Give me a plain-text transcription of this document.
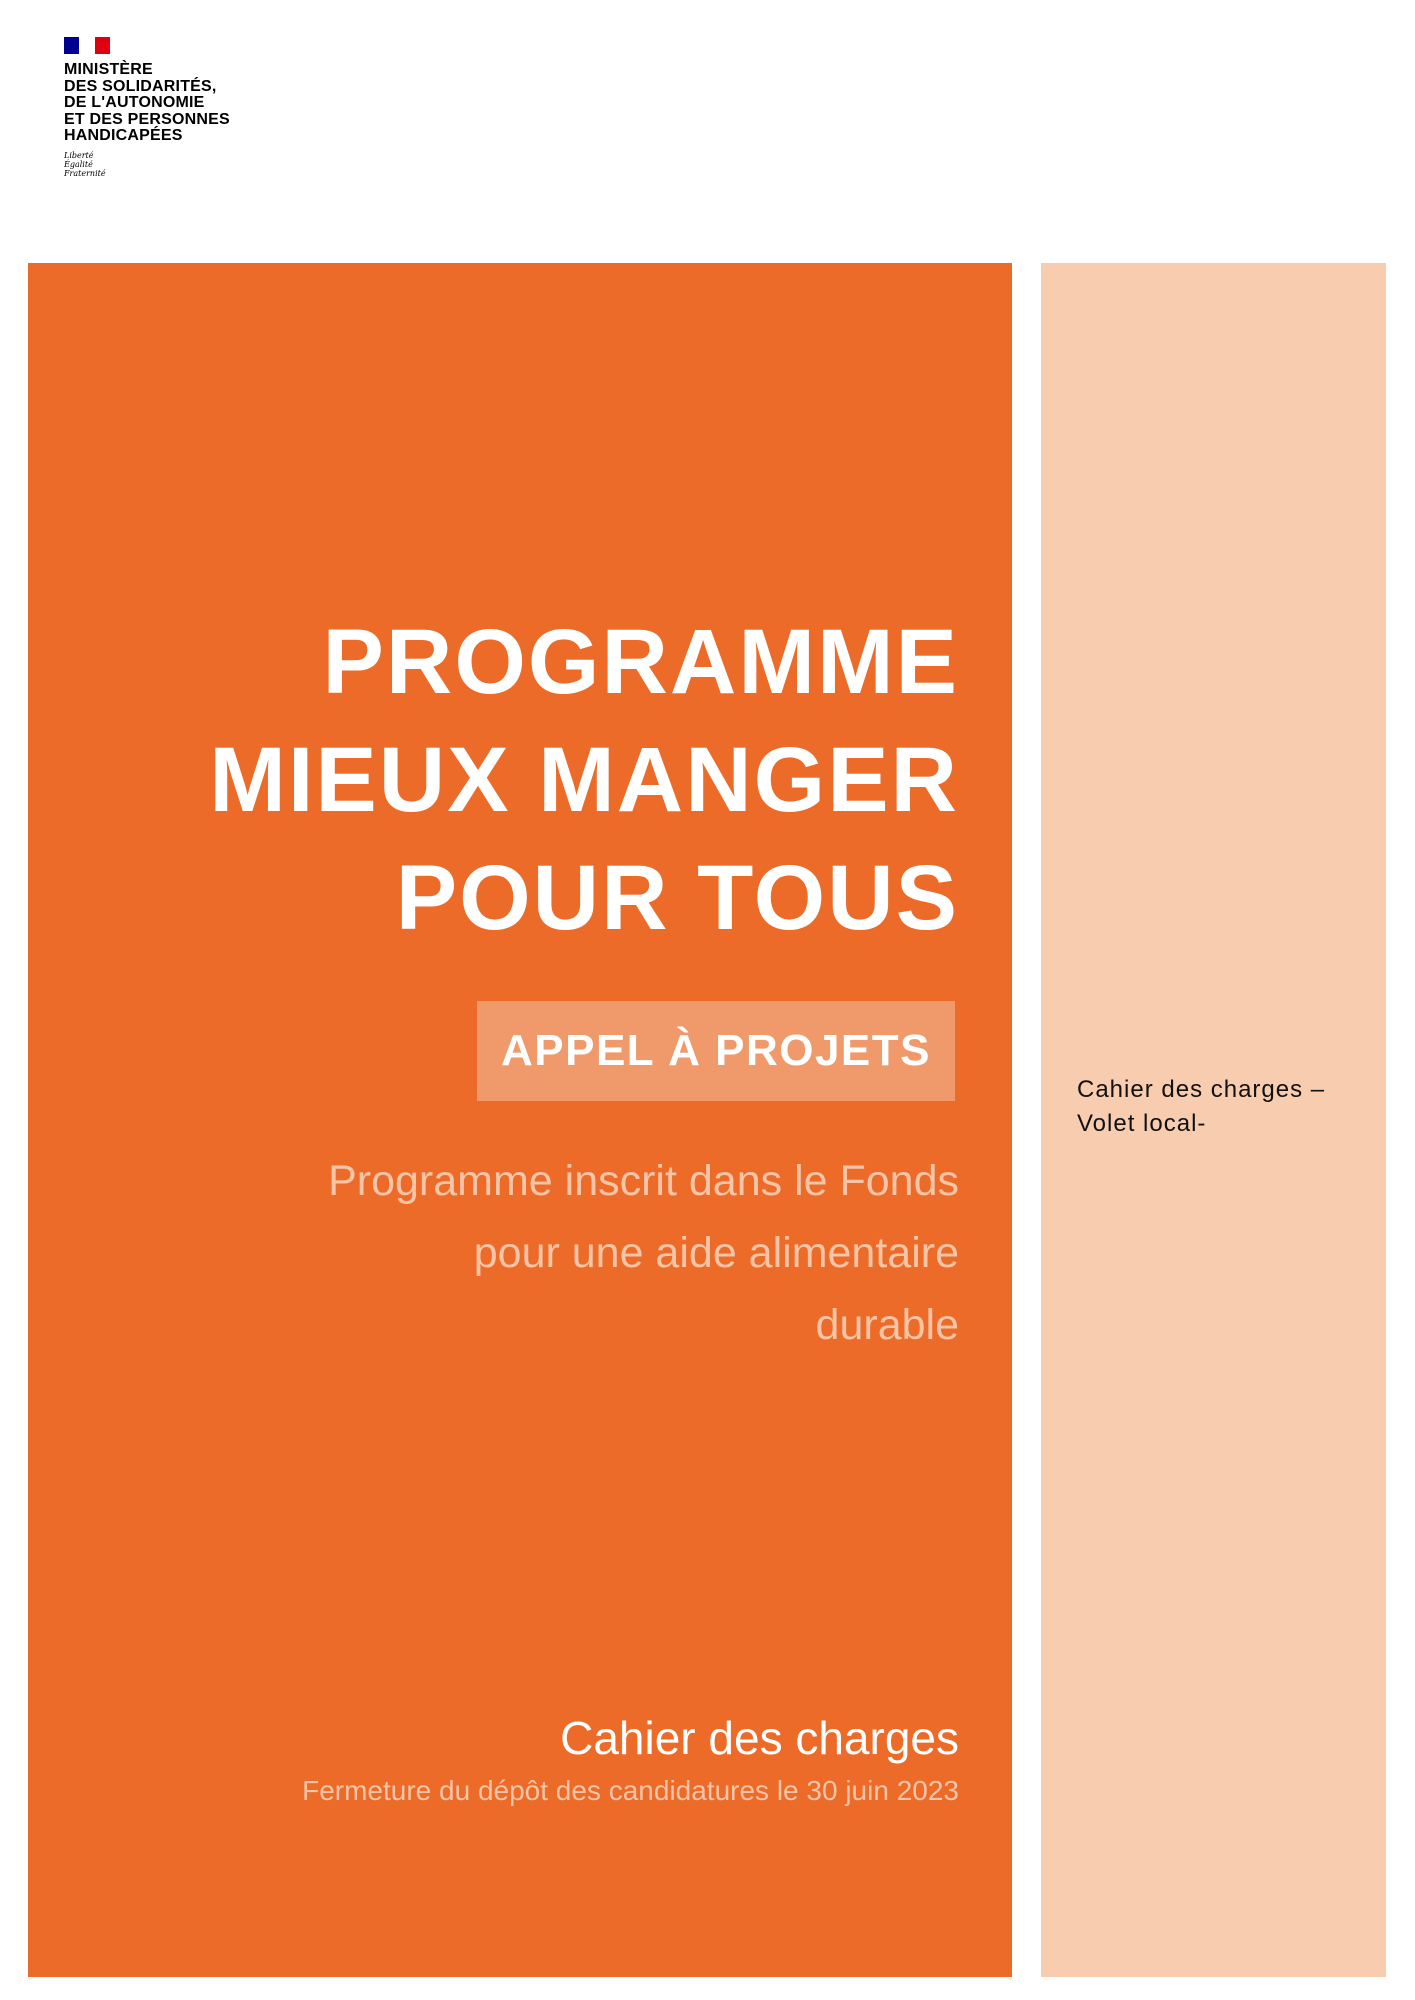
MINISTÈRE
DES SOLIDARITÉS,
DE L'AUTONOMIE
ET DES PERSONNES
HANDICAPÉES
Liberté
Égalité
Fraternité
PROGRAMME
MIEUX MANGER
POUR TOUS
APPEL À PROJETS
Programme inscrit dans le Fonds
pour une aide alimentaire
durable
Cahier des charges
Fermeture du dépôt des candidatures le 30 juin 2023
Cahier des charges –
Volet local-
